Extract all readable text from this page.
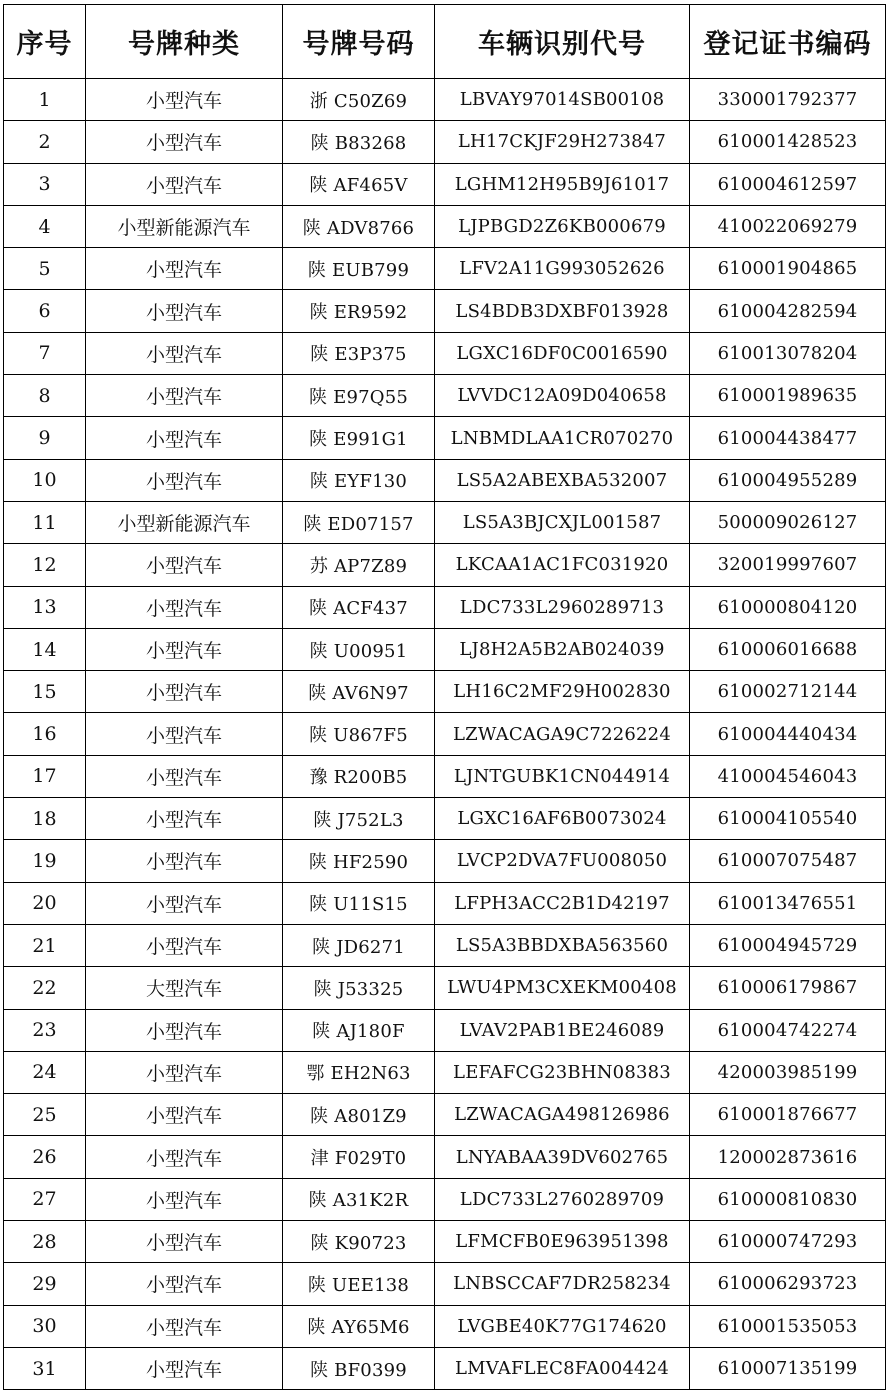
序号	号牌种类	号牌号码	车辆识别代号	登记证书编码
1	小型汽车	浙 C50Z69	LBVAY97014SB00108	330001792377
2	小型汽车	陕 B83268	LH17CKJF29H273847	610001428523
3	小型汽车	陕 AF465V	LGHM12H95B9J61017	610004612597
4	小型新能源汽车	陕 ADV8766	LJPBGD2Z6KB000679	410022069279
5	小型汽车	陕 EUB799	LFV2A11G993052626	610001904865
6	小型汽车	陕 ER9592	LS4BDB3DXBF013928	610004282594
7	小型汽车	陕 E3P375	LGXC16DF0C0016590	610013078204
8	小型汽车	陕 E97Q55	LVVDC12A09D040658	610001989635
9	小型汽车	陕 E991G1	LNBMDLAA1CR070270	610004438477
10	小型汽车	陕 EYF130	LS5A2ABEXBA532007	610004955289
11	小型新能源汽车	陕 ED07157	LS5A3BJCXJL001587	500009026127
12	小型汽车	苏 AP7Z89	LKCAA1AC1FC031920	320019997607
13	小型汽车	陕 ACF437	LDC733L2960289713	610000804120
14	小型汽车	陕 U00951	LJ8H2A5B2AB024039	610006016688
15	小型汽车	陕 AV6N97	LH16C2MF29H002830	610002712144
16	小型汽车	陕 U867F5	LZWACAGA9C7226224	610004440434
17	小型汽车	豫 R200B5	LJNTGUBK1CN044914	410004546043
18	小型汽车	陕 J752L3	LGXC16AF6B0073024	610004105540
19	小型汽车	陕 HF2590	LVCP2DVA7FU008050	610007075487
20	小型汽车	陕 U11S15	LFPH3ACC2B1D42197	610013476551
21	小型汽车	陕 JD6271	LS5A3BBDXBA563560	610004945729
22	大型汽车	陕 J53325	LWU4PM3CXEKM00408	610006179867
23	小型汽车	陕 AJ180F	LVAV2PAB1BE246089	610004742274
24	小型汽车	鄂 EH2N63	LEFAFCG23BHN08383	420003985199
25	小型汽车	陕 A801Z9	LZWACAGA498126986	610001876677
26	小型汽车	津 F029T0	LNYABAA39DV602765	120002873616
27	小型汽车	陕 A31K2R	LDC733L2760289709	610000810830
28	小型汽车	陕 K90723	LFMCFB0E963951398	610000747293
29	小型汽车	陕 UEE138	LNBSCCAF7DR258234	610006293723
30	小型汽车	陕 AY65M6	LVGBE40K77G174620	610001535053
31	小型汽车	陕 BF0399	LMVAFLEC8FA004424	610007135199
